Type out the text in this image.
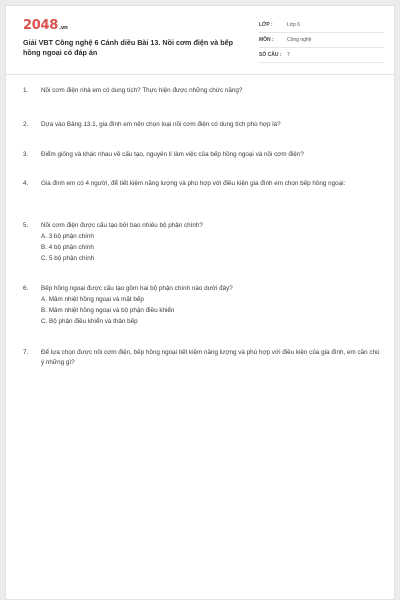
2048 .vn
Giải VBT Công nghệ 6 Cánh diều Bài 13. Nồi cơm điện và bếp hồng ngoại có đáp án
LỚP :	Lớp 6
MÔN :	Công nghệ
SỐ CÂU :	7
1.	Nồi cơm điện nhà em có dung tích? Thực hiện được những chức năng?
2.	Dựa vào Bảng 13.1, gia đình em nên chọn loại nồi cơm điện có dung tích phù hợp là?
3.	Điểm giống và khác nhau về cấu tạo, nguyên lí làm việc của bếp hồng ngoại và nồi cơm điện?
4.	Gia đình em có 4 người, để tiết kiệm năng lượng và phù hợp với điều kiện gia đình em chọn bếp hồng ngoại:
5.	Nồi cơm điện được cấu tạo bởi bao nhiêu bộ phận chính?
A. 3 bộ phận chính
B. 4 bộ phận chính
C. 5 bộ phận chính
6.	Bếp hồng ngoại được cấu tạo gồm hai bộ phận chính nào dưới đây?
A. Mâm nhiệt hồng ngoại và mặt bếp
B. Mâm nhiệt hồng ngoại và bộ phận điều khiển
C. Bộ phận điều khiển và thân bếp
7.	Để lựa chọn được nồi cơm điện, bếp hồng ngoại tiết kiệm năng lượng và phù hợp với điều kiện của gia đình, em cần chú ý những gì?
